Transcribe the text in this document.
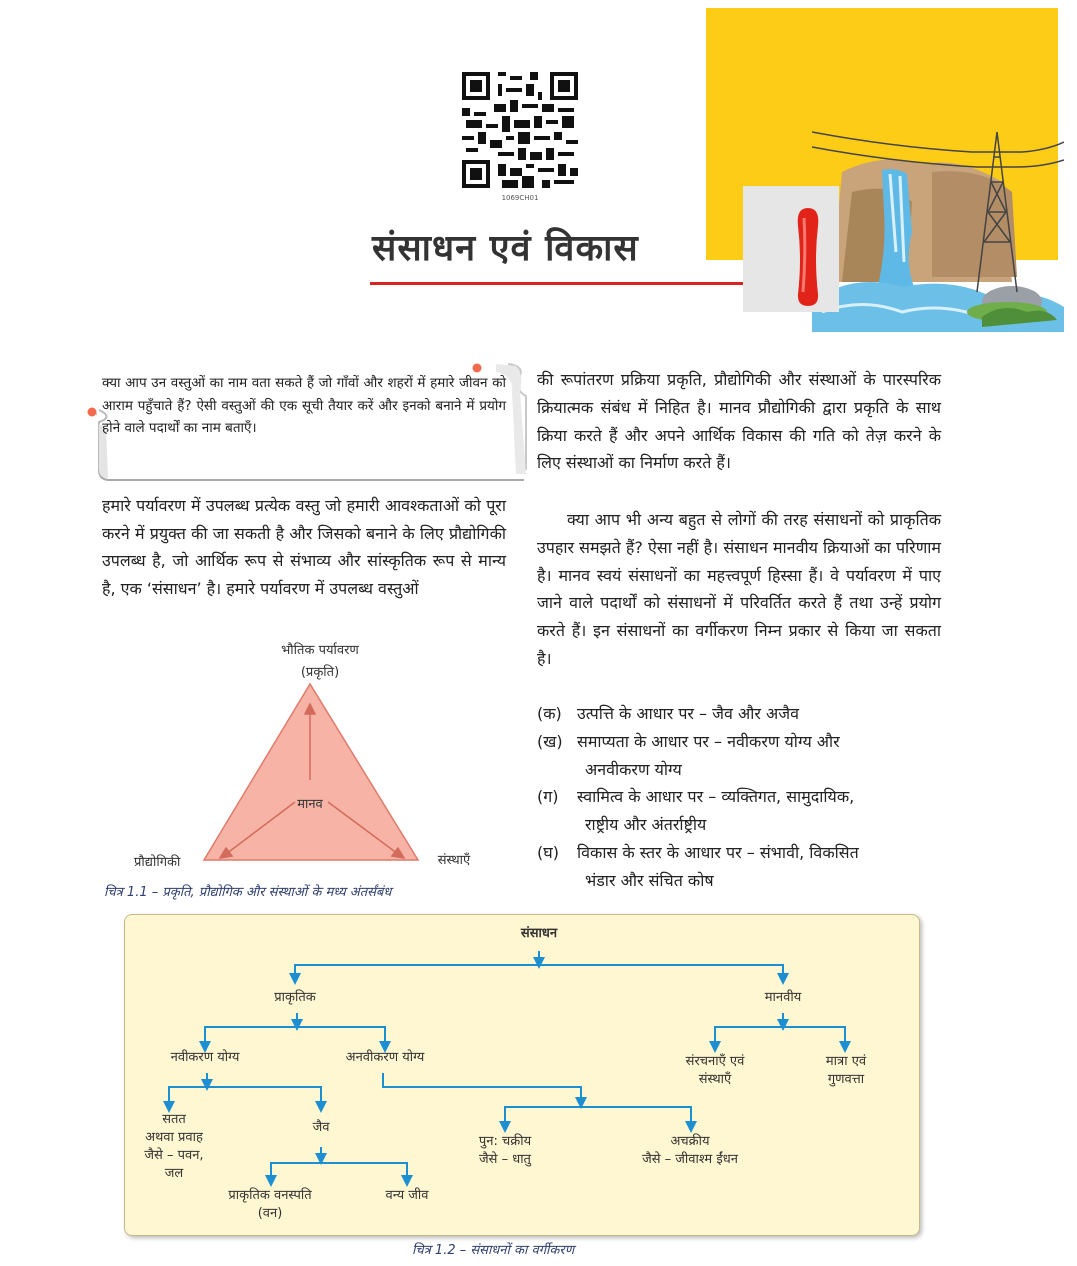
1069CH01
संसाधन एवं विकास
क्या आप उन वस्तुओं का नाम वता सकते हैं जो गाँवों और शहरों में हमारे जीवन को आराम पहुँचाते हैं? ऐसी वस्तुओं की एक सूची तैयार करें और इनको बनाने में प्रयोग होने वाले पदार्थों का नाम बताएँ।
हमारे पर्यावरण में उपलब्ध प्रत्येक वस्तु जो हमारी आवश्कताओं को पूरा करने में प्रयुक्त की जा सकती है और जिसको बनाने के लिए प्रौद्योगिकी उपलब्ध है, जो आर्थिक रूप से संभाव्य और सांस्कृतिक रूप से मान्य है, एक ‘संसाधन’ है। हमारे पर्यावरण में उपलब्ध वस्तुओं
भौतिक पर्यावरण
(प्रकृति)
मानव
प्रौद्योगिकी	संस्थाएँ
चित्र 1.1 – प्रकृति, प्रौद्योगिक और संस्थाओं के मध्य अंतर्संबंध
की रूपांतरण प्रक्रिया प्रकृति, प्रौद्योगिकी और संस्थाओं के पारस्परिक क्रियात्मक संबंध में निहित है। मानव प्रौद्योगिकी द्वारा प्रकृति के साथ क्रिया करते हैं और अपने आर्थिक विकास की गति को तेज़ करने के लिए संस्थाओं का निर्माण करते हैं।
क्या आप भी अन्य बहुत से लोगों की तरह संसाधनों को प्राकृतिक उपहार समझते हैं? ऐसा नहीं है। संसाधन मानवीय क्रियाओं का परिणाम है। मानव स्वयं संसाधनों का महत्त्वपूर्ण हिस्सा हैं। वे पर्यावरण में पाए जाने वाले पदार्थों को संसाधनों में परिवर्तित करते हैं तथा उन्हें प्रयोग करते हैं। इन संसाधनों का वर्गीकरण निम्न प्रकार से किया जा सकता है।
(क) उत्पत्ति के आधार पर – जैव और अजैव
(ख) समाप्यता के आधार पर – नवीकरण योग्य और
अनवीकरण योग्य
(ग)	स्वामित्व के आधार पर – व्यक्तिगत, सामुदायिक,
राष्ट्रीय और अंतर्राष्ट्रीय
(घ)	विकास के स्तर के आधार पर – संभावी, विकसित
भंडार और संचित कोष
संसाधन
प्राकृतिक	मानवीय
नवीकरण योग्य	अनवीकरण योग्य	संरचनाएँ एवं
संस्थाएँ
मात्रा एवं
गुणवत्ता
सतत
अथवा प्रवाह
जैसे – पवन,
जल
जैव
पुन: चक्रीय
जैसे – धातु
अचक्रीय
जैसे – जीवाश्म ईंधन
प्राकृतिक वनस्पति
(वन)
वन्य जीव
चित्र 1.2 – संसाधनों का वर्गीकरण
